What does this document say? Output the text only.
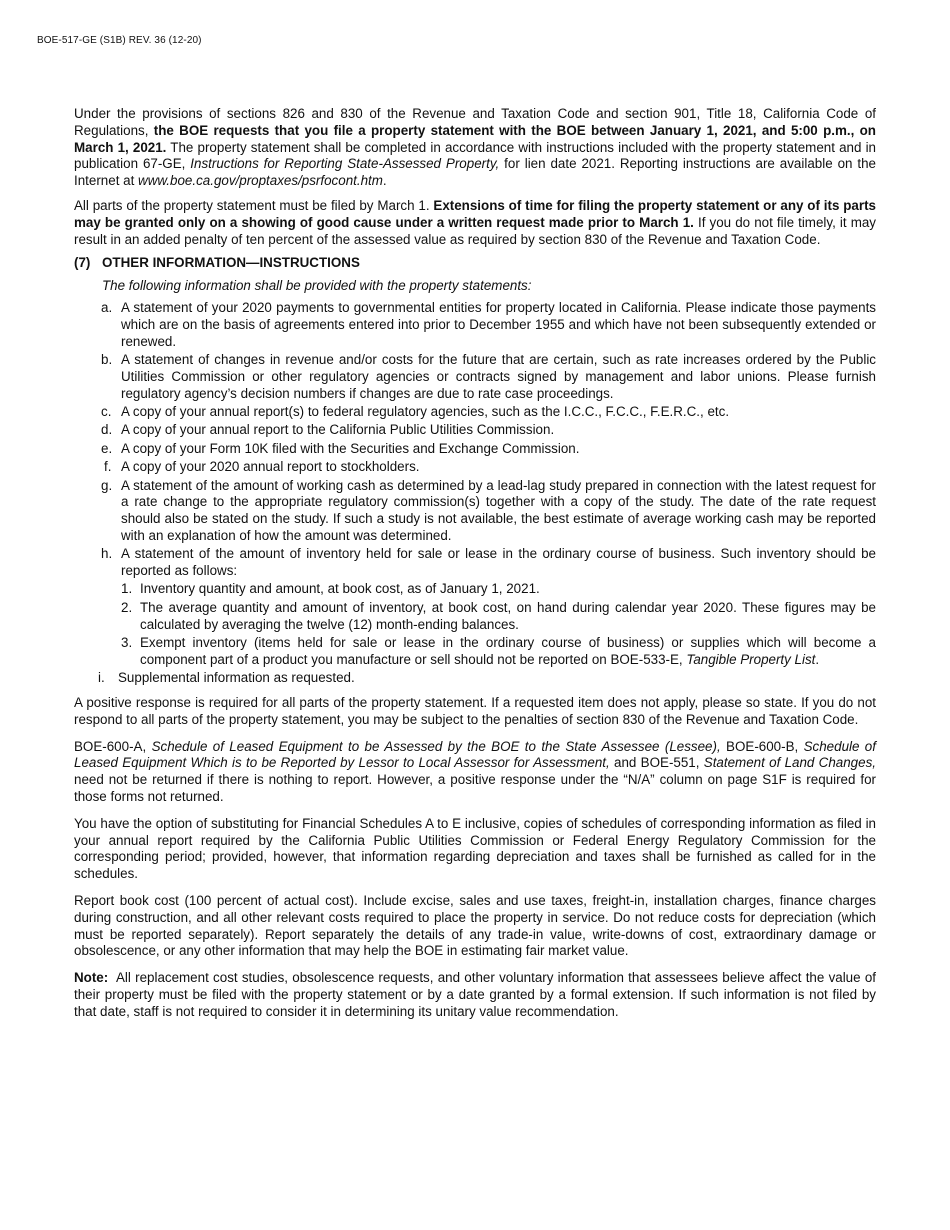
BOE-517-GE (S1B) REV. 36 (12-20)

Under the provisions of sections 826 and 830 of the Revenue and Taxation Code and section 901, Title 18, California Code of Regulations, the BOE requests that you file a property statement with the BOE between January 1, 2021, and 5:00 p.m., on March 1, 2021. The property statement shall be completed in accordance with instructions included with the property statement and in publication 67-GE, Instructions for Reporting State-Assessed Property, for lien date 2021. Reporting instructions are available on the Internet at www.boe.ca.gov/proptaxes/psrfocont.htm.

All parts of the property statement must be filed by March 1. Extensions of time for filing the property statement or any of its parts may be granted only on a showing of good cause under a written request made prior to March 1. If you do not file timely, it may result in an added penalty of ten percent of the assessed value as required by section 830 of the Revenue and Taxation Code.

(7) OTHER INFORMATION—INSTRUCTIONS
The following information shall be provided with the property statements:
a. A statement of your 2020 payments to governmental entities for property located in California. Please indicate those payments which are on the basis of agreements entered into prior to December 1955 and which have not been subsequently extended or renewed.
b. A statement of changes in revenue and/or costs for the future that are certain, such as rate increases ordered by the Public Utilities Commission or other regulatory agencies or contracts signed by management and labor unions. Please furnish regulatory agency’s decision numbers if changes are due to rate case proceedings.
c. A copy of your annual report(s) to federal regulatory agencies, such as the I.C.C., F.C.C., F.E.R.C., etc.
d. A copy of your annual report to the California Public Utilities Commission.
e. A copy of your Form 10K filed with the Securities and Exchange Commission.
f. A copy of your 2020 annual report to stockholders.
g. A statement of the amount of working cash as determined by a lead-lag study prepared in connection with the latest request for a rate change to the appropriate regulatory commission(s) together with a copy of the study. The date of the rate request should also be stated on the study. If such a study is not available, the best estimate of average working cash may be reported with an explanation of how the amount was determined.
h. A statement of the amount of inventory held for sale or lease in the ordinary course of business. Such inventory should be reported as follows:
1. Inventory quantity and amount, at book cost, as of January 1, 2021.
2. The average quantity and amount of inventory, at book cost, on hand during calendar year 2020. These figures may be calculated by averaging the twelve (12) month-ending balances.
3. Exempt inventory (items held for sale or lease in the ordinary course of business) or supplies which will become a component part of a product you manufacture or sell should not be reported on BOE-533-E, Tangible Property List.
i. Supplemental information as requested.

A positive response is required for all parts of the property statement. If a requested item does not apply, please so state. If you do not respond to all parts of the property statement, you may be subject to the penalties of section 830 of the Revenue and Taxation Code.

BOE-600-A, Schedule of Leased Equipment to be Assessed by the BOE to the State Assessee (Lessee), BOE-600-B, Schedule of Leased Equipment Which is to be Reported by Lessor to Local Assessor for Assessment, and BOE-551, Statement of Land Changes, need not be returned if there is nothing to report. However, a positive response under the “N/A” column on page S1F is required for those forms not returned.

You have the option of substituting for Financial Schedules A to E inclusive, copies of schedules of corresponding information as filed in your annual report required by the California Public Utilities Commission or Federal Energy Regulatory Commission for the corresponding period; provided, however, that information regarding depreciation and taxes shall be furnished as called for in the schedules.

Report book cost (100 percent of actual cost). Include excise, sales and use taxes, freight-in, installation charges, finance charges during construction, and all other relevant costs required to place the property in service. Do not reduce costs for depreciation (which must be reported separately). Report separately the details of any trade-in value, write-downs of cost, extraordinary damage or obsolescence, or any other information that may help the BOE in estimating fair market value.

Note:  All replacement cost studies, obsolescence requests, and other voluntary information that assessees believe affect the value of their property must be filed with the property statement or by a date granted by a formal extension. If such information is not filed by that date, staff is not required to consider it in determining its unitary value recommendation.
